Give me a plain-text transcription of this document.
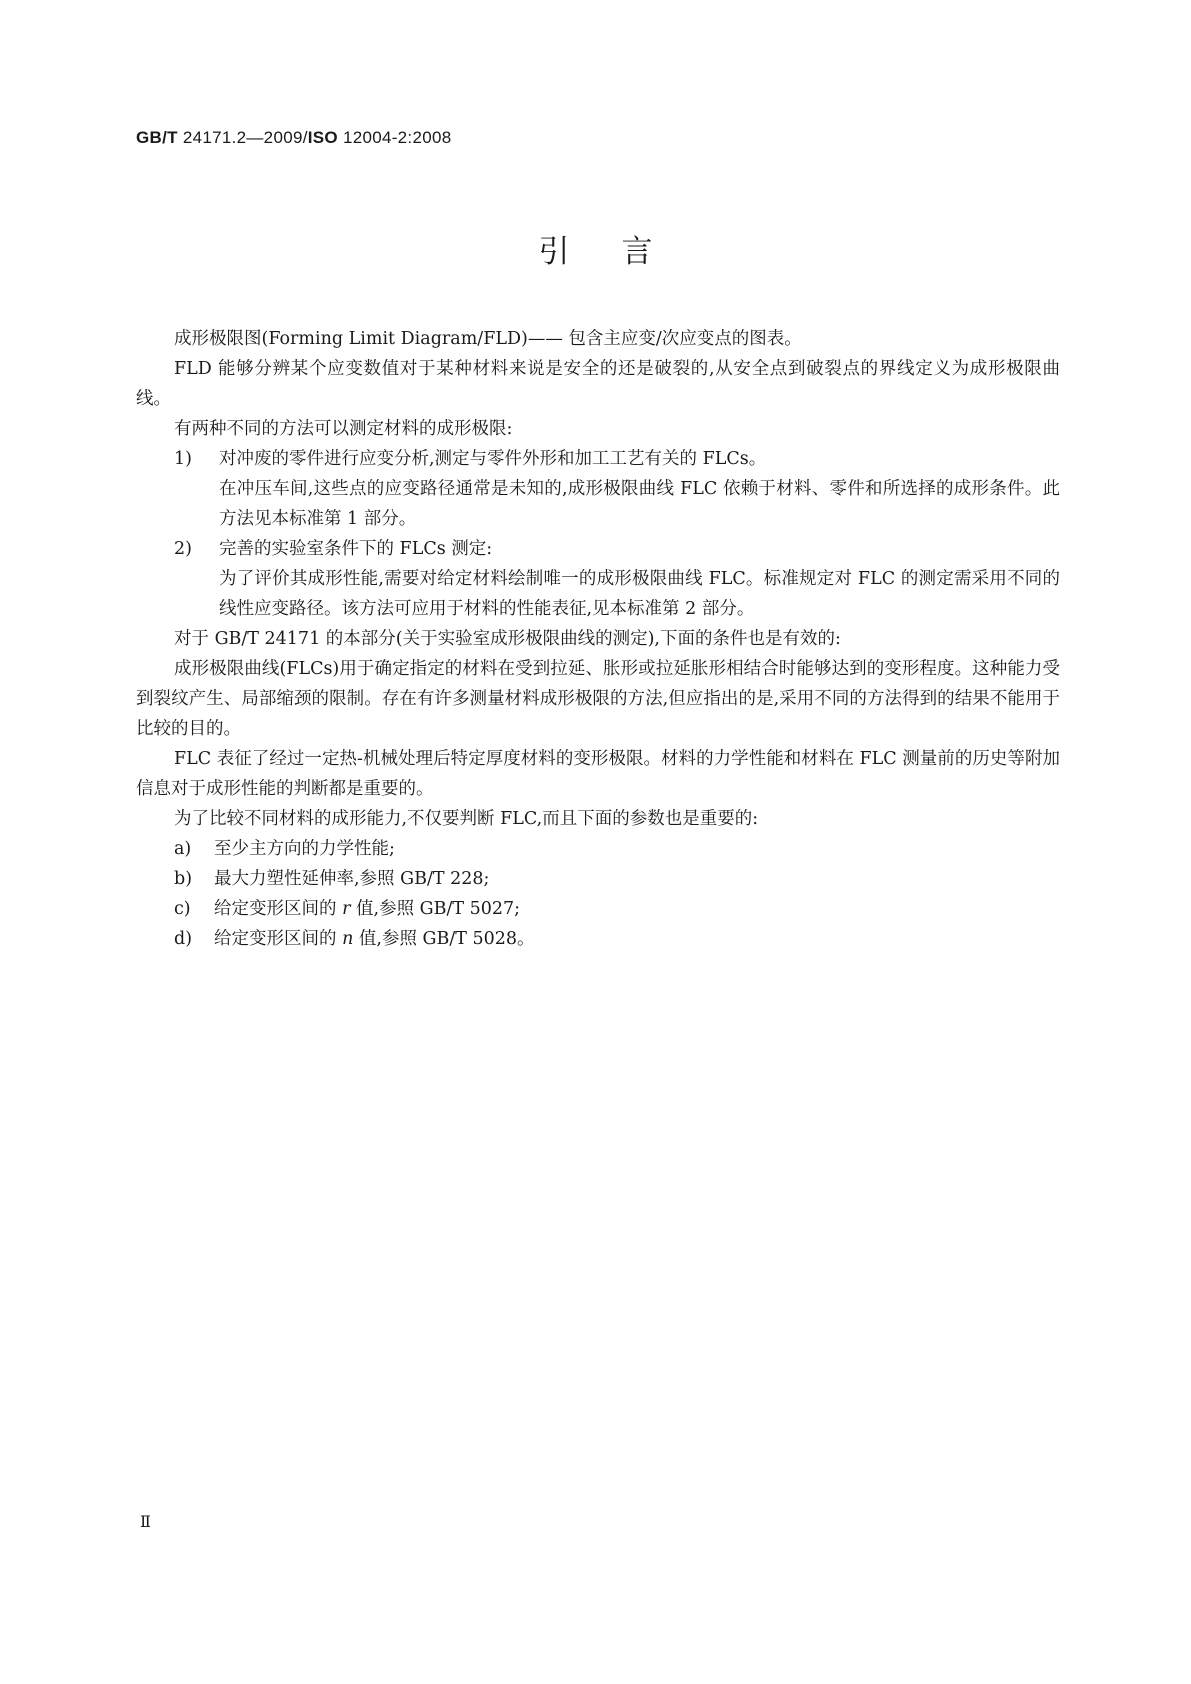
GB/T 24171.2—2009/ISO 12004-2:2008
引言

成形极限图(Forming Limit Diagram/FLD)—— 包含主应变/次应变点的图表。

FLD 能够分辨某个应变数值对于某种材料来说是安全的还是破裂的,从安全点到破裂点的界线定义为成形极限曲线。

有两种不同的方法可以测定材料的成形极限:

1) 对冲废的零件进行应变分析,测定与零件外形和加工工艺有关的 FLCs。

在冲压车间,这些点的应变路径通常是未知的,成形极限曲线 FLC 依赖于材料、零件和所选择的成形条件。此方法见本标准第 1 部分。

2) 完善的实验室条件下的 FLCs 测定:

为了评价其成形性能,需要对给定材料绘制唯一的成形极限曲线 FLC。标准规定对 FLC 的测定需采用不同的线性应变路径。该方法可应用于材料的性能表征,见本标准第 2 部分。

对于 GB/T 24171 的本部分(关于实验室成形极限曲线的测定),下面的条件也是有效的:

成形极限曲线(FLCs)用于确定指定的材料在受到拉延、胀形或拉延胀形相结合时能够达到的变形程度。这种能力受到裂纹产生、局部缩颈的限制。存在有许多测量材料成形极限的方法,但应指出的是,采用不同的方法得到的结果不能用于比较的目的。

FLC 表征了经过一定热-机械处理后特定厚度材料的变形极限。材料的力学性能和材料在 FLC 测量前的历史等附加信息对于成形性能的判断都是重要的。

为了比较不同材料的成形能力,不仅要判断 FLC,而且下面的参数也是重要的:

a) 至少主方向的力学性能;

b) 最大力塑性延伸率,参照 GB/T 228;

c) 给定变形区间的 r 值,参照 GB/T 5027;

d) 给定变形区间的 n 值,参照 GB/T 5028。

Ⅱ
